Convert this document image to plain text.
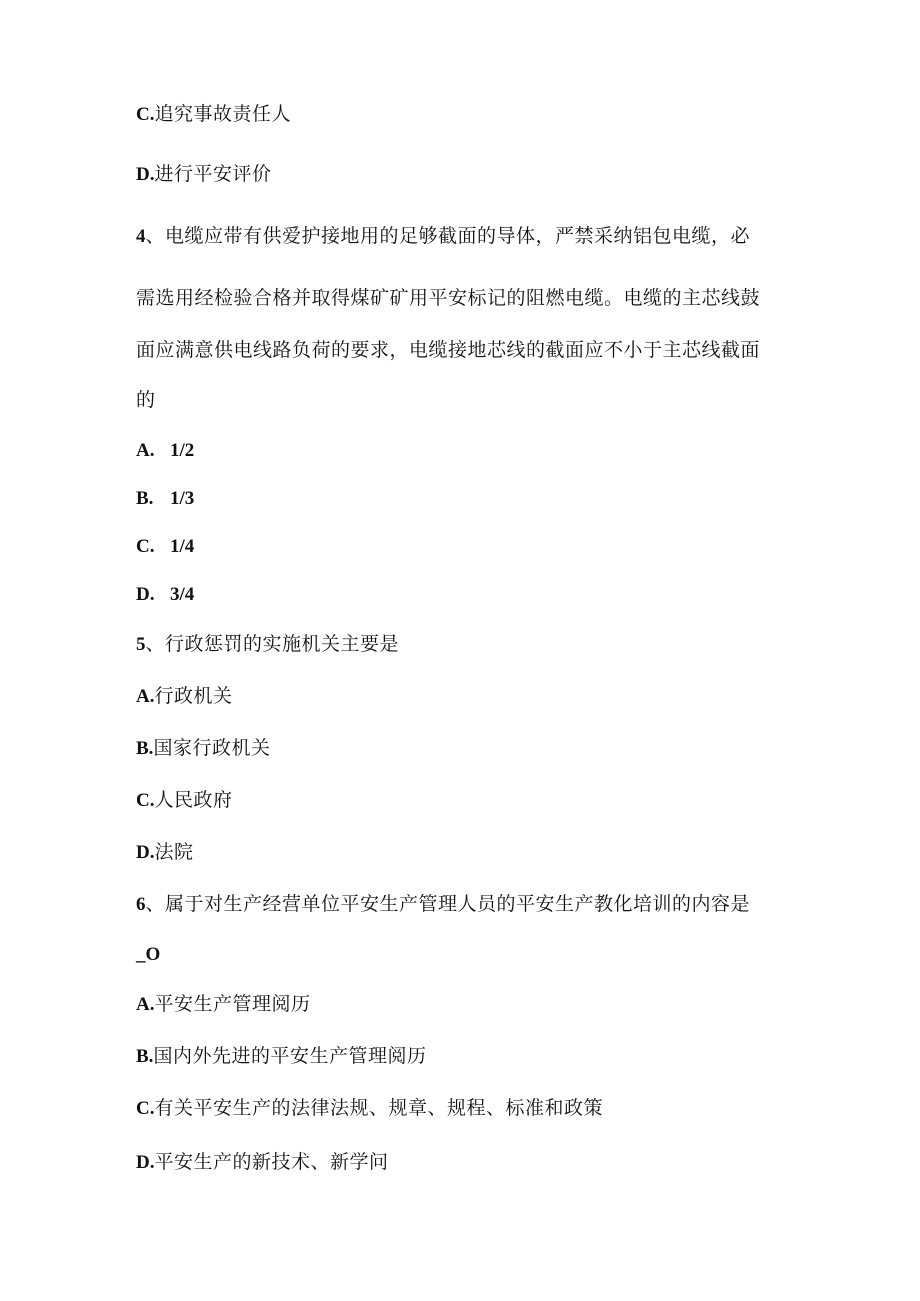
C.追究事故责任人
D.进行平安评价
4、电缆应带有供爱护接地用的足够截面的导体，严禁采纳铝包电缆，必
需选用经检验合格并取得煤矿矿用平安标记的阻燃电缆。电缆的主芯线鼓
面应满意供电线路负荷的要求，电缆接地芯线的截面应不小于主芯线截面
的
A. 1/2
B. 1/3
C. 1/4
D. 3/4
5、行政惩罚的实施机关主要是
A.行政机关
B.国家行政机关
C.人民政府
D.法院
6、属于对生产经营单位平安生产管理人员的平安生产教化培训的内容是
_O
A.平安生产管理阅历
B.国内外先进的平安生产管理阅历
C.有关平安生产的法律法规、规章、规程、标准和政策
D.平安生产的新技术、新学问
